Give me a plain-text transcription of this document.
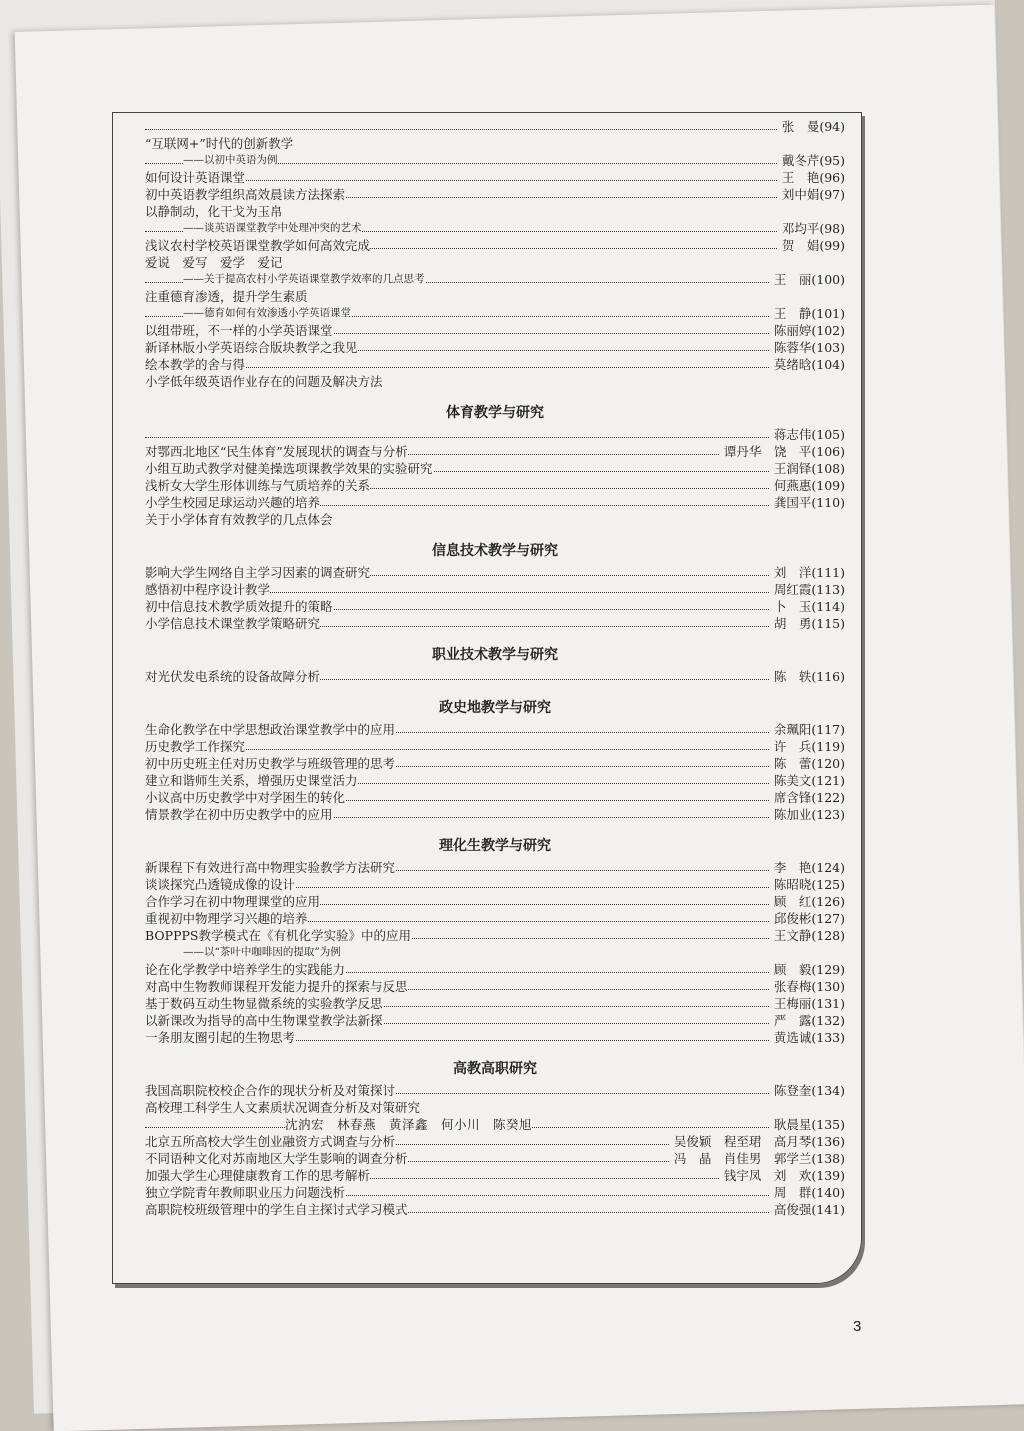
张　曼(94)
“互联网+”时代的创新教学
——以初中英语为例	戴冬芹(95)
如何设计英语课堂	王　艳(96)
初中英语教学组织高效晨读方法探索	刘中娟(97)
以静制动，化干戈为玉帛
——谈英语课堂教学中处理冲突的艺术	邓均平(98)
浅议农村学校英语课堂教学如何高效完成	贺　娟(99)
爱说　爱写　爱学　爱记
——关于提高农村小学英语课堂教学效率的几点思考	王　丽(100)
注重德育渗透，提升学生素质
——德育如何有效渗透小学英语课堂	王　静(101)
以组带班，不一样的小学英语课堂	陈丽婷(102)
新译林版小学英语综合版块教学之我见	陈蓉华(103)
绘本教学的舍与得	莫绪晗(104)
小学低年级英语作业存在的问题及解决方法
体育教学与研究
蒋志伟(105)
对鄂西北地区“民生体育”发展现状的调查与分析	谭丹华　饶　平(106)
小组互助式教学对健美操选项课教学效果的实验研究	王润铎(108)
浅析女大学生形体训练与气质培养的关系	何燕惠(109)
小学生校园足球运动兴趣的培养	龚国平(110)
关于小学体育有效教学的几点体会
信息技术教学与研究
影响大学生网络自主学习因素的调查研究	刘　洋(111)
感悟初中程序设计教学	周红霞(113)
初中信息技术教学质效提升的策略	卜　玉(114)
小学信息技术课堂教学策略研究	胡　勇(115)
职业技术教学与研究
对光伏发电系统的设备故障分析	陈　轶(116)
政史地教学与研究
生命化教学在中学思想政治课堂教学中的应用	余珮阳(117)
历史教学工作探究	许　兵(119)
初中历史班主任对历史教学与班级管理的思考	陈　蕾(120)
建立和谐师生关系，增强历史课堂活力	陈美文(121)
小议高中历史教学中对学困生的转化	席含锋(122)
情景教学在初中历史教学中的应用	陈加业(123)
理化生教学与研究
新课程下有效进行高中物理实验教学方法研究	李　艳(124)
谈谈探究凸透镜成像的设计	陈昭晓(125)
合作学习在初中物理课堂的应用	顾　红(126)
重视初中物理学习兴趣的培养	邱俊彬(127)
BOPPPS教学模式在《有机化学实验》中的应用	王文静(128)
——以“茶叶中咖啡因的提取”为例
论在化学教学中培养学生的实践能力	顾　毅(129)
对高中生物教师课程开发能力提升的探索与反思	张春梅(130)
基于数码互动生物显微系统的实验教学反思	王梅丽(131)
以新课改为指导的高中生物课堂教学法新探	严　露(132)
一条朋友圈引起的生物思考	黄选诚(133)
高教高职研究
我国高职院校校企合作的现状分析及对策探讨	陈登奎(134)
高校理工科学生人文素质状况调查分析及对策研究
沈汭宏　林春燕　黄泽鑫　何小川　陈癸旭	耿晨星(135)
北京五所高校大学生创业融资方式调查与分析	吴俊颖　程至珺　高月琴(136)
不同语种文化对苏南地区大学生影响的调查分析	冯　晶　肖佳男　郭学兰(138)
加强大学生心理健康教育工作的思考解析	钱宇凤　刘　欢(139)
独立学院青年教师职业压力问题浅析	周　群(140)
高职院校班级管理中的学生自主探讨式学习模式	高俊强(141)
3
